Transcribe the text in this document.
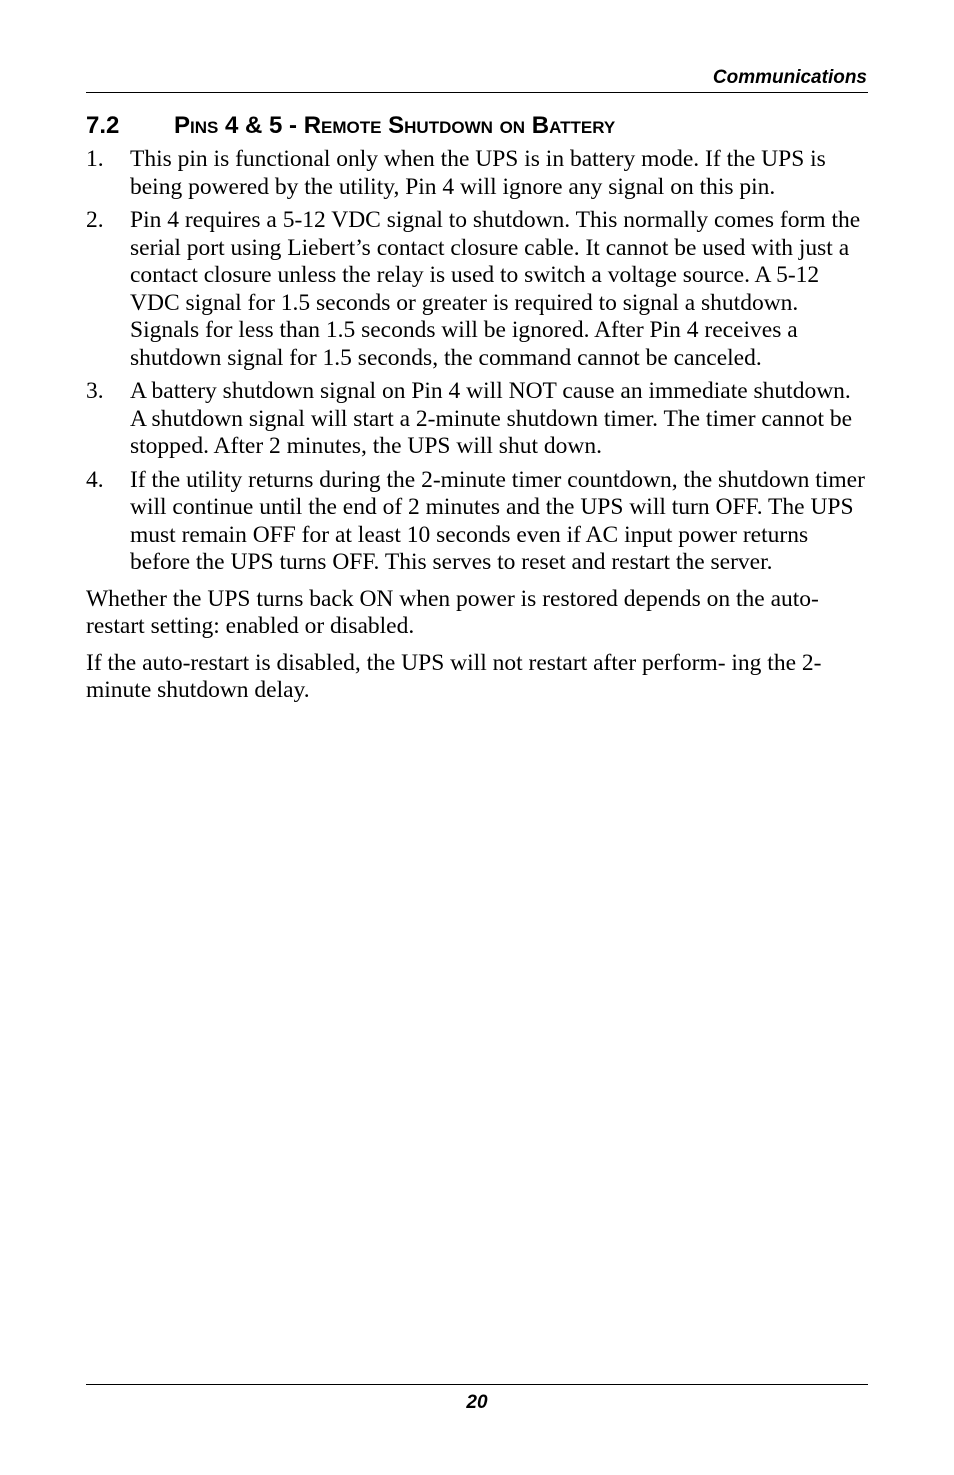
Communications
7.2 Pins 4 & 5 - Remote Shutdown on Battery
1. This pin is functional only when the UPS is in battery mode. If the UPS is being powered by the utility, Pin 4 will ignore any signal on this pin.
2. Pin 4 requires a 5-12 VDC signal to shutdown. This normally comes form the serial port using Liebert’s contact closure cable. It cannot be used with just a contact closure unless the relay is used to switch a voltage source. A 5-12 VDC signal for 1.5 seconds or greater is required to signal a shutdown. Signals for less than 1.5 seconds will be ignored. After Pin 4 receives a shutdown signal for 1.5 seconds, the command cannot be canceled.
3. A battery shutdown signal on Pin 4 will NOT cause an immediate shutdown. A shutdown signal will start a 2-minute shutdown timer. The timer cannot be stopped. After 2 minutes, the UPS will shut down.
4. If the utility returns during the 2-minute timer countdown, the shutdown timer will continue until the end of 2 minutes and the UPS will turn OFF. The UPS must remain OFF for at least 10 seconds even if AC input power returns before the UPS turns OFF. This serves to reset and restart the server.

Whether the UPS turns back ON when power is restored depends on the auto-restart setting: enabled or disabled.

If the auto-restart is disabled, the UPS will not restart after perform- ing the 2-minute shutdown delay.

20
